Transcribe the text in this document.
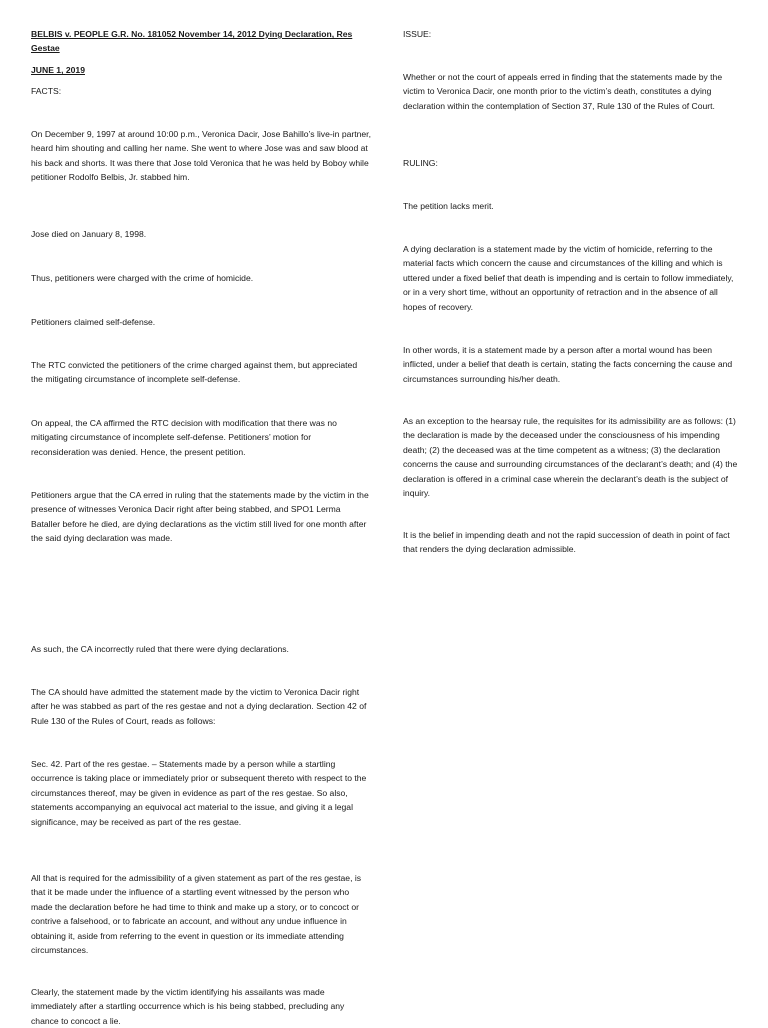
BELBIS v. PEOPLE G.R. No. 181052 November 14, 2012 Dying Declaration, Res Gestae

JUNE 1, 2019

FACTS:

On December 9, 1997 at around 10:00 p.m., Veronica Dacir, Jose Bahillo’s live-in partner, heard him shouting and calling her name. She went to where Jose was and saw blood at his back and shorts. It was there that Jose told Veronica that he was held by Boboy while petitioner Rodolfo Belbis, Jr. stabbed him.

Jose died on January 8, 1998.

Thus, petitioners were charged with the crime of homicide.

Petitioners claimed self-defense.

The RTC convicted the petitioners of the crime charged against them, but appreciated the mitigating circumstance of incomplete self-defense.

On appeal, the CA affirmed the RTC decision with modification that there was no mitigating circumstance of incomplete self-defense. Petitioners’ motion for reconsideration was denied. Hence, the present petition.

Petitioners argue that the CA erred in ruling that the statements made by the victim in the presence of witnesses Veronica Dacir right after being stabbed, and SPO1 Lerma Bataller before he died, are dying declarations as the victim still lived for one month after the said dying declaration was made.

As such, the CA incorrectly ruled that there were dying declarations.

The CA should have admitted the statement made by the victim to Veronica Dacir right after he was stabbed as part of the res gestae and not a dying declaration. Section 42 of Rule 130 of the Rules of Court, reads as follows:

Sec. 42. Part of the res gestae. – Statements made by a person while a startling occurrence is taking place or immediately prior or subsequent thereto with respect to the circumstances thereof, may be given in evidence as part of the res gestae. So also, statements accompanying an equivocal act material to the issue, and giving it a legal significance, may be received as part of the res gestae.

All that is required for the admissibility of a given statement as part of the res gestae, is that it be made under the influence of a startling event witnessed by the person who made the declaration before he had time to think and make up a story, or to concoct or contrive a falsehood, or to fabricate an account, and without any undue influence in obtaining it, aside from referring to the event in question or its immediate attending circumstances.

Clearly, the statement made by the victim identifying his assailants was made immediately after a startling occurrence which is his being stabbed, precluding any chance to concoct a lie.

ISSUE:

Whether or not the court of appeals erred in finding that the statements made by the victim to Veronica Dacir, one month prior to the victim’s death, constitutes a dying declaration within the contemplation of Section 37, Rule 130 of the Rules of Court.

RULING:

The petition lacks merit.

A dying declaration is a statement made by the victim of homicide, referring to the material facts which concern the cause and circumstances of the killing and which is uttered under a fixed belief that death is impending and is certain to follow immediately, or in a very short time, without an opportunity of retraction and in the absence of all hopes of recovery.

In other words, it is a statement made by a person after a mortal wound has been inflicted, under a belief that death is certain, stating the facts concerning the cause and circumstances surrounding his/her death.

As an exception to the hearsay rule, the requisites for its admissibility are as follows: (1) the declaration is made by the deceased under the consciousness of his impending death; (2) the deceased was at the time competent as a witness; (3) the declaration concerns the cause and surrounding circumstances of the declarant’s death; and (4) the declaration is offered in a criminal case wherein the declarant’s death is the subject of inquiry.

It is the belief in impending death and not the rapid succession of death in point of fact that renders the dying declaration admissible.
